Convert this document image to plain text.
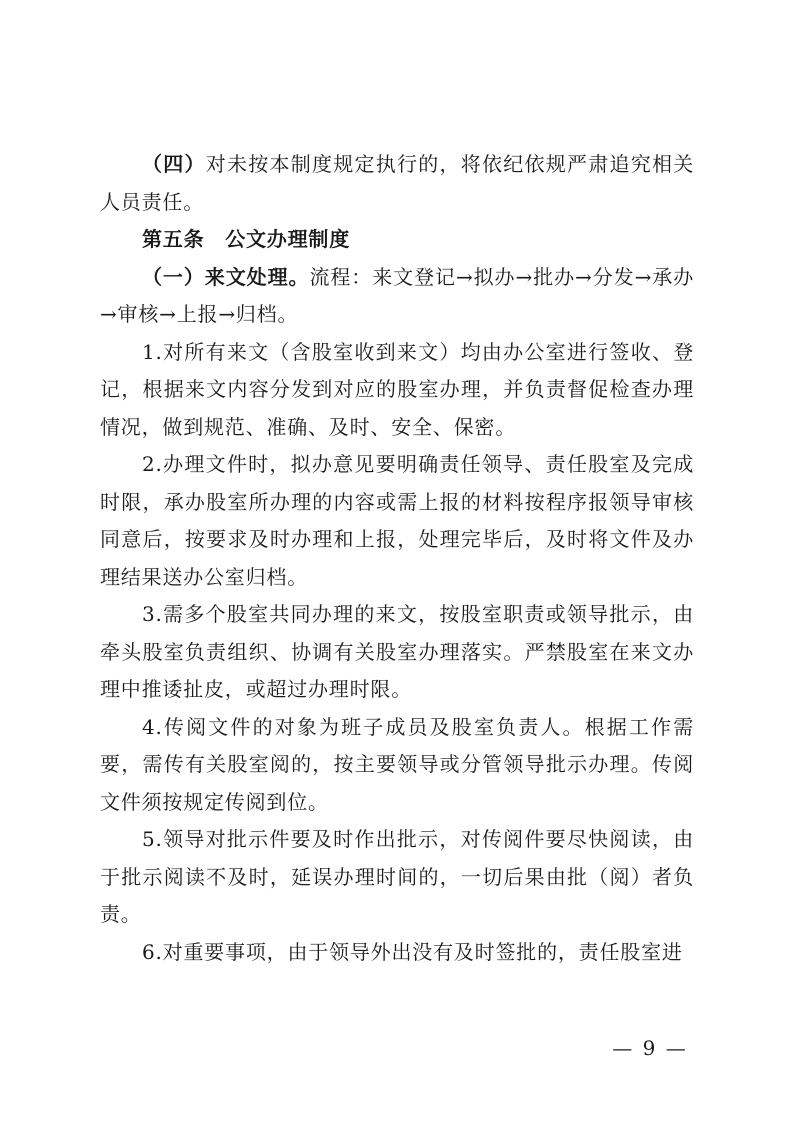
（四）对未按本制度规定执行的，将依纪依规严肃追究相关人员责任。

第五条　公文办理制度

（一）来文处理。流程：来文登记→拟办→批办→分发→承办→审核→上报→归档。

1.对所有来文（含股室收到来文）均由办公室进行签收、登记，根据来文内容分发到对应的股室办理，并负责督促检查办理情况，做到规范、准确、及时、安全、保密。

2.办理文件时，拟办意见要明确责任领导、责任股室及完成时限，承办股室所办理的内容或需上报的材料按程序报领导审核同意后，按要求及时办理和上报，处理完毕后，及时将文件及办理结果送办公室归档。

3.需多个股室共同办理的来文，按股室职责或领导批示，由牵头股室负责组织、协调有关股室办理落实。严禁股室在来文办理中推诿扯皮，或超过办理时限。

4.传阅文件的对象为班子成员及股室负责人。根据工作需要，需传有关股室阅的，按主要领导或分管领导批示办理。传阅文件须按规定传阅到位。

5.领导对批示件要及时作出批示，对传阅件要尽快阅读，由于批示阅读不及时，延误办理时间的，一切后果由批（阅）者负责。

6.对重要事项，由于领导外出没有及时签批的，责任股室进

— 9 —
